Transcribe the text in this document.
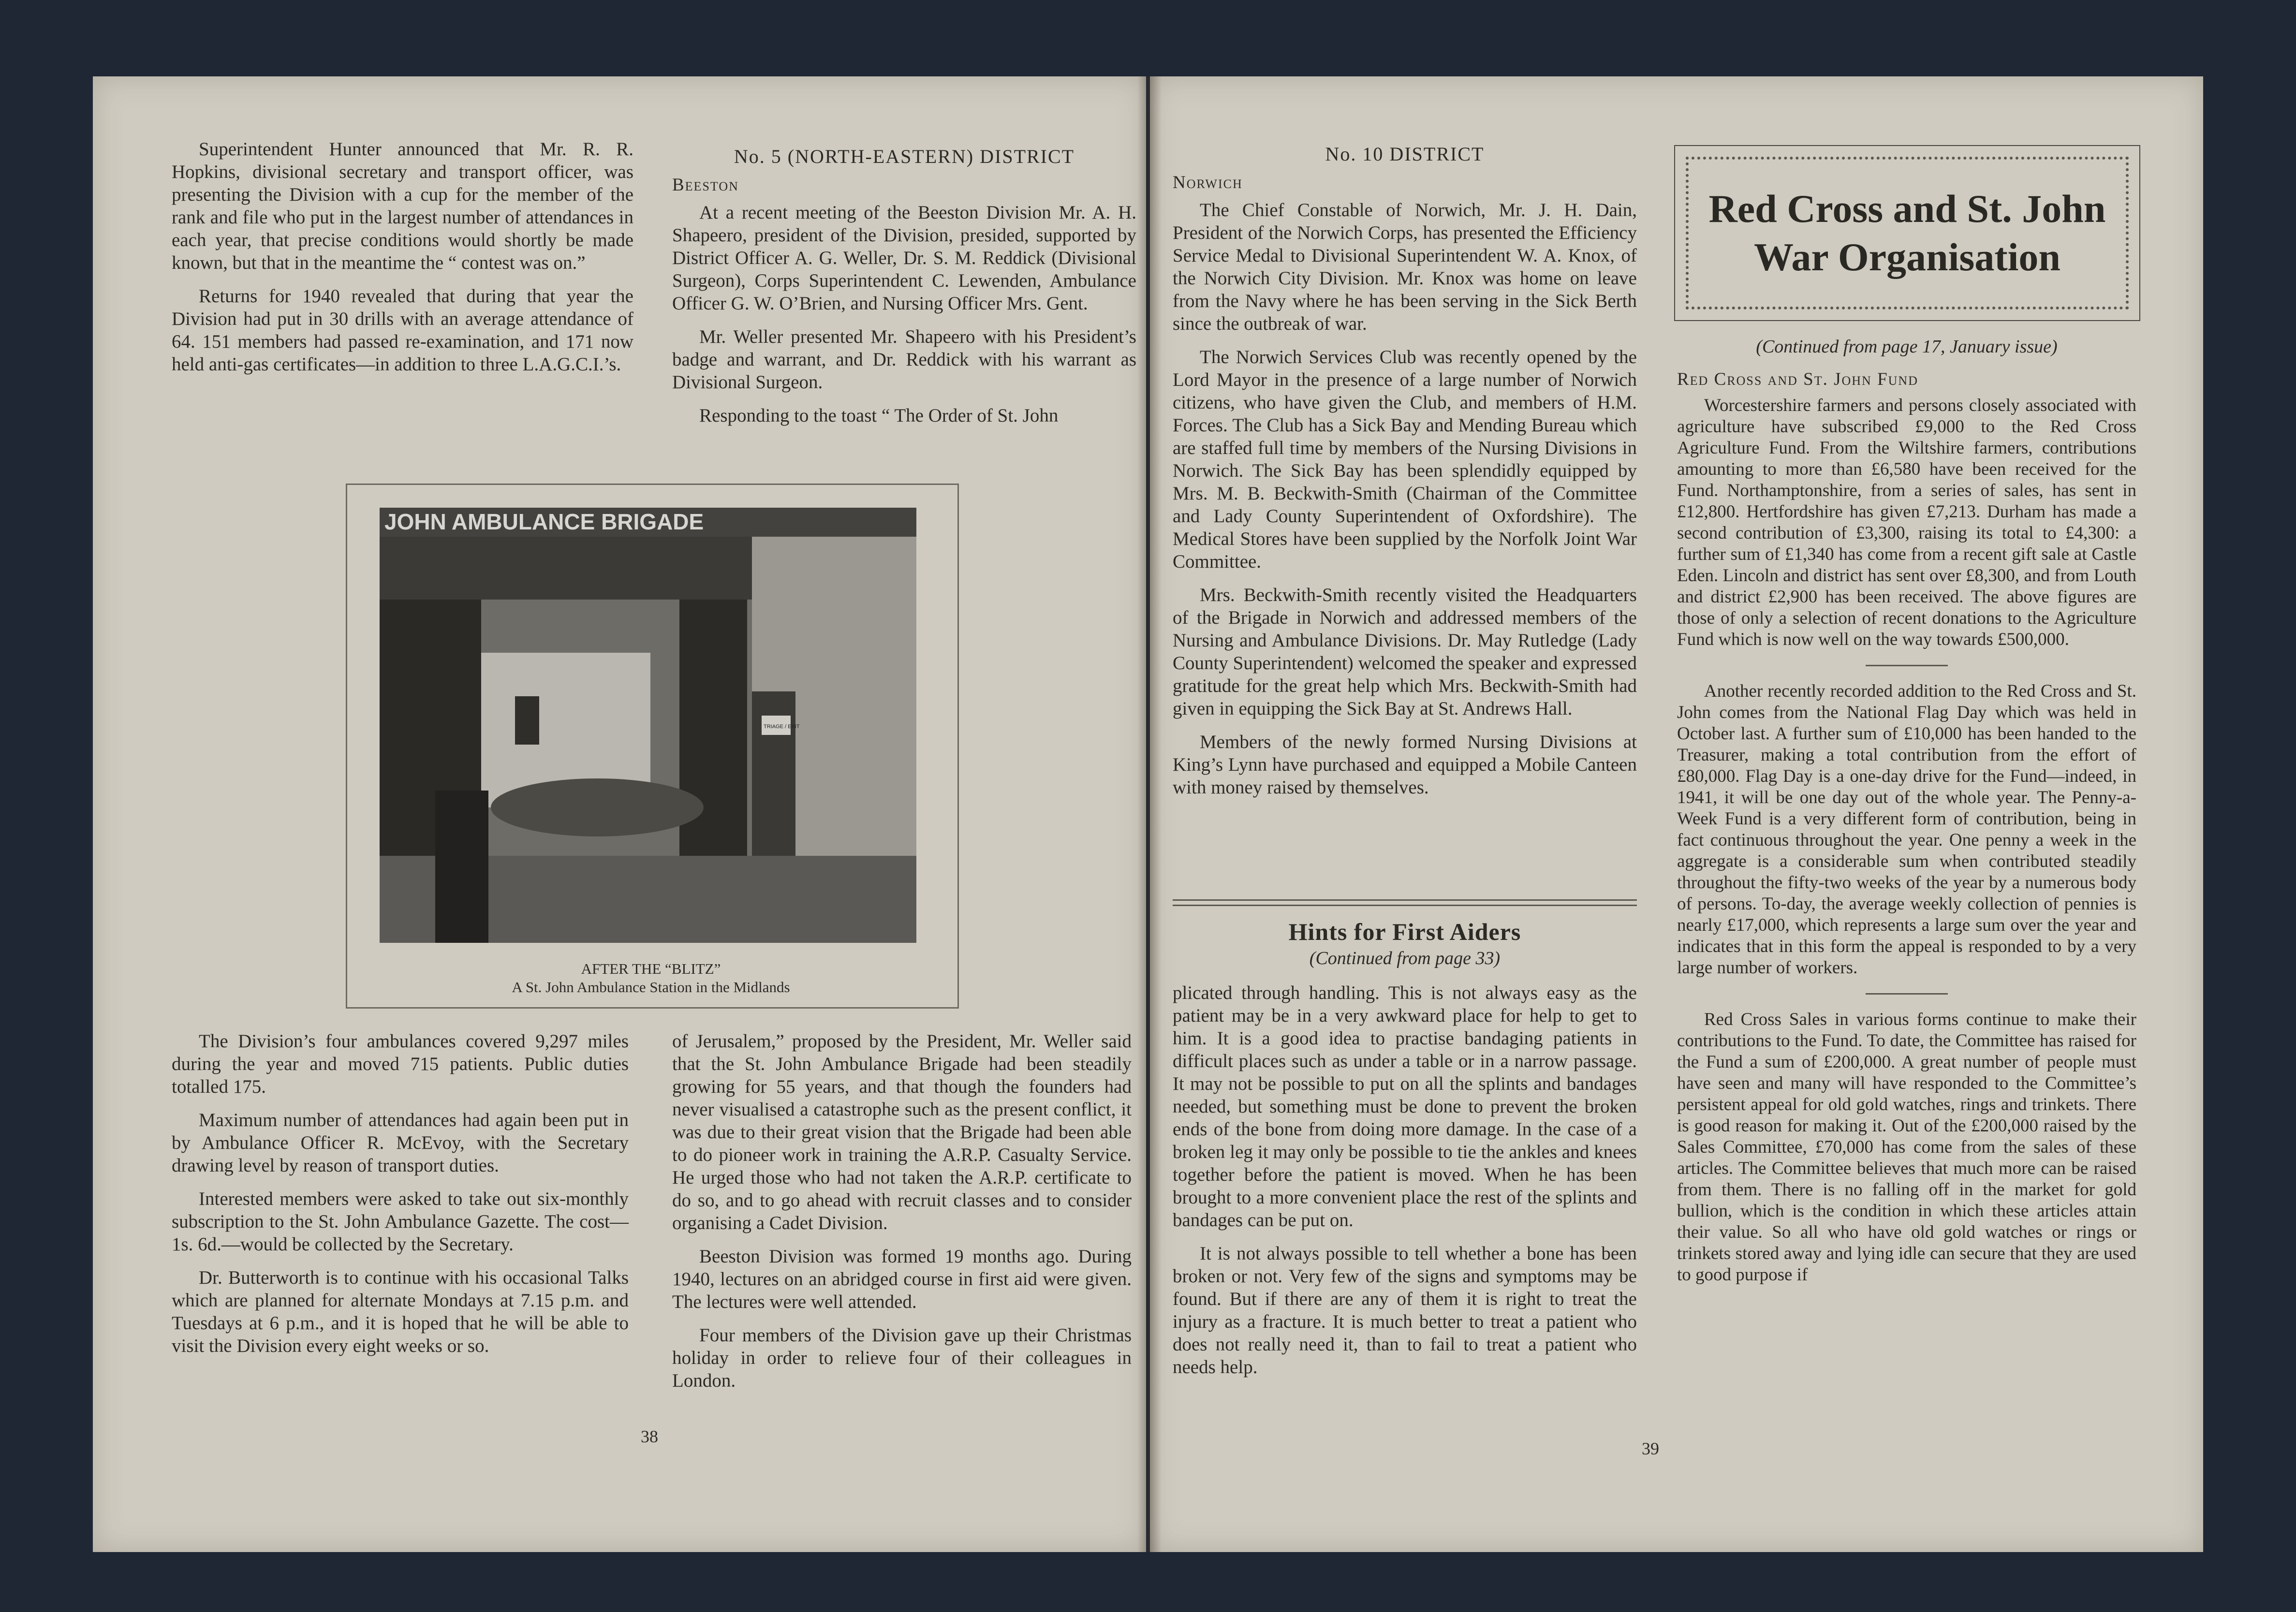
Superintendent Hunter announced that Mr. R. R. Hopkins, divisional secretary and transport officer, was presenting the Division with a cup for the member of the rank and file who put in the largest number of attendances in each year, that precise conditions would shortly be made known, but that in the meantime the “ contest was on.”

Returns for 1940 revealed that during that year the Division had put in 30 drills with an average attendance of 64. 151 members had passed re-examination, and 171 now held anti-gas certificates—in addition to three L.A.G.C.I.’s.

No. 5 (NORTH-EASTERN) DISTRICT
Beeston

At a recent meeting of the Beeston Division Mr. A. H. Shapeero, president of the Division, presided, supported by District Officer A. G. Weller, Dr. S. M. Reddick (Divisional Surgeon), Corps Superintendent C. Lewenden, Ambulance Officer G. W. O’Brien, and Nursing Officer Mrs. Gent.

Mr. Weller presented Mr. Shapeero with his President’s badge and warrant, and Dr. Reddick with his warrant as Divisional Surgeon.

Responding to the toast “ The Order of St. John

JOHN AMBULANCE BRIGADE
TRIAGE / EXIT
AFTER THE “BLITZ”
A St. John Ambulance Station in the Midlands

The Division’s four ambulances covered 9,297 miles during the year and moved 715 patients. Public duties totalled 175.

Maximum number of attendances had again been put in by Ambulance Officer R. McEvoy, with the Secretary drawing level by reason of transport duties.

Interested members were asked to take out six-monthly subscription to the St. John Ambulance Gazette. The cost—1s. 6d.—would be collected by the Secretary.

Dr. Butterworth is to continue with his occasional Talks which are planned for alternate Mondays at 7.15 p.m. and Tuesdays at 6 p.m., and it is hoped that he will be able to visit the Division every eight weeks or so.

of Jerusalem,” proposed by the President, Mr. Weller said that the St. John Ambulance Brigade had been steadily growing for 55 years, and that though the founders had never visualised a catastrophe such as the present conflict, it was due to their great vision that the Brigade had been able to do pioneer work in training the A.R.P. Casualty Service. He urged those who had not taken the A.R.P. certificate to do so, and to go ahead with recruit classes and to consider organising a Cadet Division.

Beeston Division was formed 19 months ago. During 1940, lectures on an abridged course in first aid were given. The lectures were well attended.

Four members of the Division gave up their Christmas holiday in order to relieve four of their colleagues in London.

38
No. 10 DISTRICT
Norwich

The Chief Constable of Norwich, Mr. J. H. Dain, President of the Norwich Corps, has presented the Efficiency Service Medal to Divisional Superintendent W. A. Knox, of the Norwich City Division. Mr. Knox was home on leave from the Navy where he has been serving in the Sick Berth since the outbreak of war.

The Norwich Services Club was recently opened by the Lord Mayor in the presence of a large number of Norwich citizens, who have given the Club, and members of H.M. Forces. The Club has a Sick Bay and Mending Bureau which are staffed full time by members of the Nursing Divisions in Norwich. The Sick Bay has been splendidly equipped by Mrs. M. B. Beckwith-Smith (Chairman of the Committee and Lady County Superintendent of Oxfordshire). The Medical Stores have been supplied by the Norfolk Joint War Committee.

Mrs. Beckwith-Smith recently visited the Headquarters of the Brigade in Norwich and addressed members of the Nursing and Ambulance Divisions. Dr. May Rutledge (Lady County Superintendent) welcomed the speaker and expressed gratitude for the great help which Mrs. Beckwith-Smith had given in equipping the Sick Bay at St. Andrews Hall.

Members of the newly formed Nursing Divisions at King’s Lynn have purchased and equipped a Mobile Canteen with money raised by themselves.

Hints for First Aiders
(Continued from page 33)

plicated through handling. This is not always easy as the patient may be in a very awkward place for help to get to him. It is a good idea to practise bandaging patients in difficult places such as under a table or in a narrow passage. It may not be possible to put on all the splints and bandages needed, but something must be done to prevent the broken ends of the bone from doing more damage. In the case of a broken leg it may only be possible to tie the ankles and knees together before the patient is moved. When he has been brought to a more convenient place the rest of the splints and bandages can be put on.

It is not always possible to tell whether a bone has been broken or not. Very few of the signs and symptoms may be found. But if there are any of them it is right to treat the injury as a fracture. It is much better to treat a patient who does not really need it, than to fail to treat a patient who needs help.

39
Red Cross and St. John
War Organisation
(Continued from page 17, January issue)
Red Cross and St. John Fund

Worcestershire farmers and persons closely associated with agriculture have subscribed £9,000 to the Red Cross Agriculture Fund. From the Wiltshire farmers, contributions amounting to more than £6,580 have been received for the Fund. Northamptonshire, from a series of sales, has sent in £12,800. Hertfordshire has given £7,213. Durham has made a second contribution of £3,300, raising its total to £4,300: a further sum of £1,340 has come from a recent gift sale at Castle Eden. Lincoln and district has sent over £8,300, and from Louth and district £2,900 has been received. The above figures are those of only a selection of recent donations to the Agriculture Fund which is now well on the way towards £500,000.

Another recently recorded addition to the Red Cross and St. John comes from the National Flag Day which was held in October last. A further sum of £10,000 has been handed to the Treasurer, making a total contribution from the effort of £80,000. Flag Day is a one-day drive for the Fund—indeed, in 1941, it will be one day out of the whole year. The Penny-a-Week Fund is a very different form of contribution, being in fact continuous throughout the year. One penny a week in the aggregate is a considerable sum when contributed steadily throughout the fifty-two weeks of the year by a numerous body of persons. To-day, the average weekly collection of pennies is nearly £17,000, which represents a large sum over the year and indicates that in this form the appeal is responded to by a very large number of workers.

Red Cross Sales in various forms continue to make their contributions to the Fund. To date, the Committee has raised for the Fund a sum of £200,000. A great number of people must have seen and many will have responded to the Committee’s persistent appeal for old gold watches, rings and trinkets. There is good reason for making it. Out of the £200,000 raised by the Sales Committee, £70,000 has come from the sales of these articles. The Committee believes that much more can be raised from them. There is no falling off in the market for gold bullion, which is the condition in which these articles attain their value. So all who have old gold watches or rings or trinkets stored away and lying idle can secure that they are used to good purpose if
